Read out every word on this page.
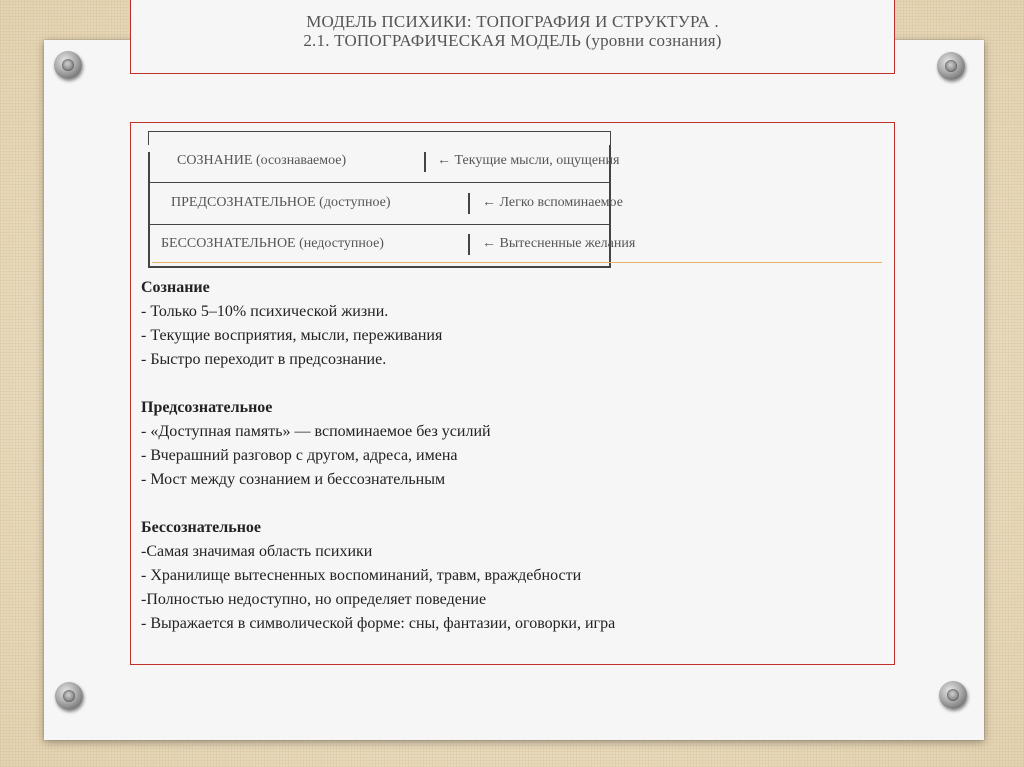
МОДЕЛЬ ПСИХИКИ: ТОПОГРАФИЯ И СТРУКТУРА .
2.1. ТОПОГРАФИЧЕСКАЯ МОДЕЛЬ (уровни сознания)
СОЗНАНИЕ (осознаваемое)	← Текущие мысли, ощущения
ПРЕДСОЗНАТЕЛЬНОЕ (доступное)	← Легко вспоминаемое
БЕССОЗНАТЕЛЬНОЕ (недоступное)	← Вытесненные желания
Сознание
- Только 5–10% психической жизни.
- Текущие восприятия, мысли, переживания
- Быстро переходит в предсознание.
Предсознательное
- «Доступная память» — вспоминаемое без усилий
- Вчерашний разговор с другом, адреса, имена
- Мост между сознанием и бессознательным
Бессознательное
-Самая значимая область психики
- Хранилище вытесненных воспоминаний, травм, враждебности
-Полностью недоступно, но определяет поведение
- Выражается в символической форме: сны, фантазии, оговорки, игра
